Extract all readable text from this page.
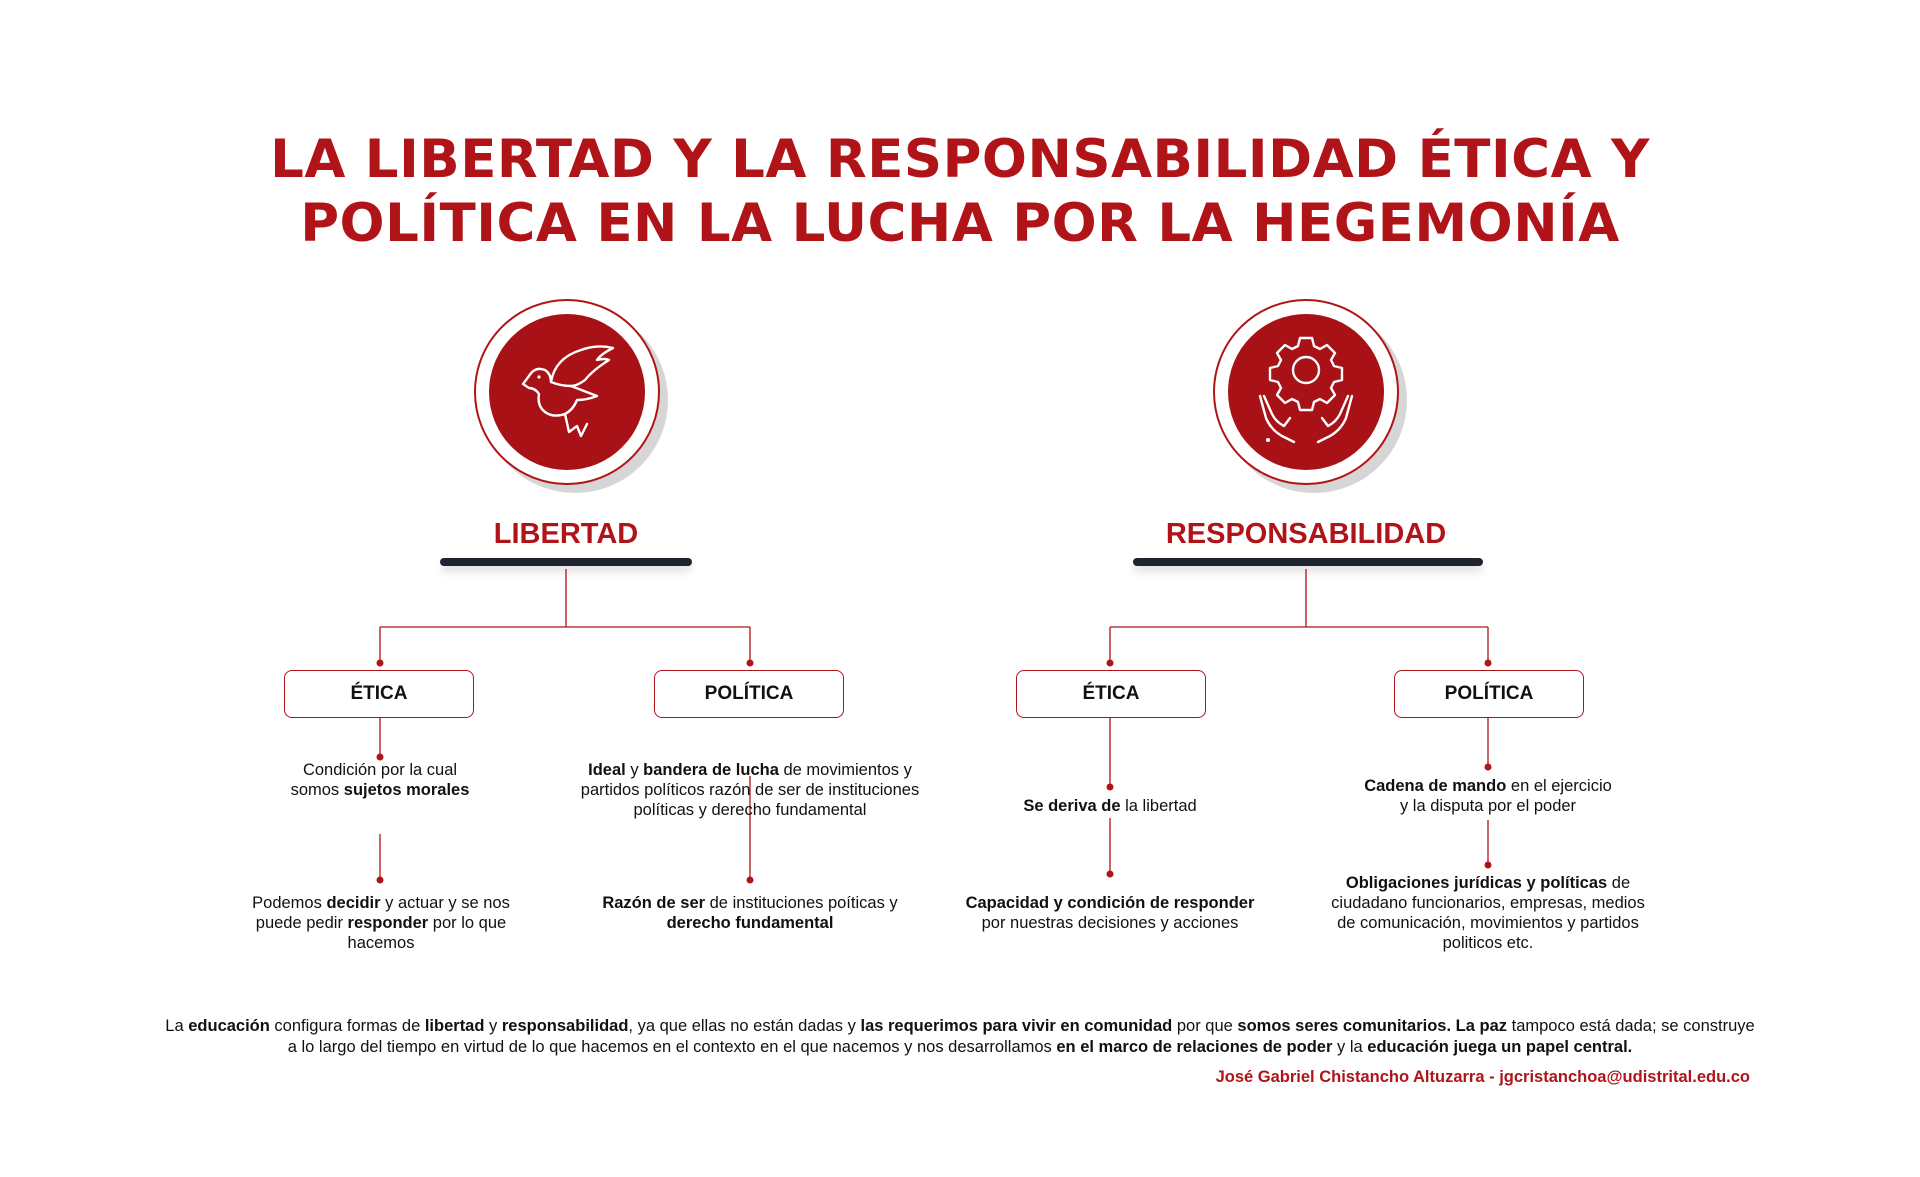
LA LIBERTAD Y LA RESPONSABILIDAD ÉTICA Y
POLÍTICA EN LA LUCHA POR LA HEGEMONÍA
LIBERTAD
ÉTICA	POLÍTICA
Condición por la cual
somos sujetos morales
Podemos decidir y actuar y se nos puede pedir responder por lo que hacemos
Ideal y bandera de lucha de movimientos y partidos políticos razón de ser de instituciones políticas y derecho fundamental
Razón de ser de instituciones poíticas y
derecho fundamental
RESPONSABILIDAD
ÉTICA	POLÍTICA
Se deriva de la libertad
Capacidad y condición de responder
por nuestras decisiones y acciones
Cadena de mando en el ejercicio
y la disputa por el poder
Obligaciones jurídicas y políticas de ciudadano funcionarios, empresas, medios de comunicación, movimientos y partidos politicos etc.
La educación configura formas de libertad y responsabilidad, ya que ellas no están dadas y las requerimos para vivir en comunidad por que somos seres comunitarios. La paz tampoco está dada; se construye a lo largo del tiempo en virtud de lo que hacemos en el contexto en el que nacemos y nos desarrollamos en el marco de relaciones de poder y la educación juega un papel central.
José Gabriel Chistancho Altuzarra - jgcristanchoa@udistrital.edu.co
